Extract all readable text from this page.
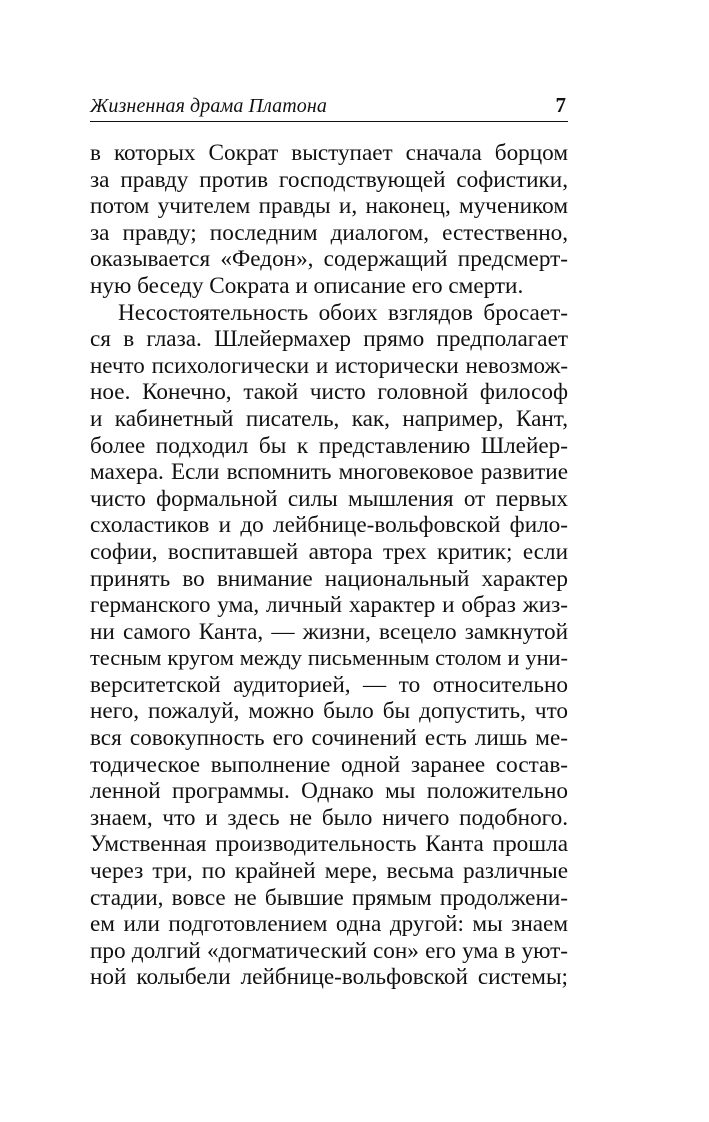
Жизненная драма Платона	7
в которых Сократ выступает сначала борцом
за правду против господствующей софистики,
потом учителем правды и, наконец, мучеником
за правду; последним диалогом, естественно,
оказывается «Федон», содержащий предсмерт-
ную беседу Сократа и описание его смерти.
Несостоятельность обоих взглядов бросает-
ся в глаза. Шлейермахер прямо предполагает
нечто психологически и исторически невозмож-
ное. Конечно, такой чисто головной философ
и кабинетный писатель, как, например, Кант,
более подходил бы к представлению Шлейер-
махера. Если вспомнить многовековое развитие
чисто формальной силы мышления от первых
схоластиков и до лейбнице-вольфовской фило-
софии, воспитавшей автора трех критик; если
принять во внимание национальный характер
германского ума, личный характер и образ жиз-
ни самого Канта, — жизни, всецело замкнутой
тесным кругом между письменным столом и уни-
верситетской аудиторией, — то относительно
него, пожалуй, можно было бы допустить, что
вся совокупность его сочинений есть лишь ме-
тодическое выполнение одной заранее состав-
ленной программы. Однако мы положительно
знаем, что и здесь не было ничего подобного.
Умственная производительность Канта прошла
через три, по крайней мере, весьма различные
стадии, вовсе не бывшие прямым продолжени-
ем или подготовлением одна другой: мы знаем
про долгий «догматический сон» его ума в уют-
ной колыбели лейбнице-вольфовской системы;
